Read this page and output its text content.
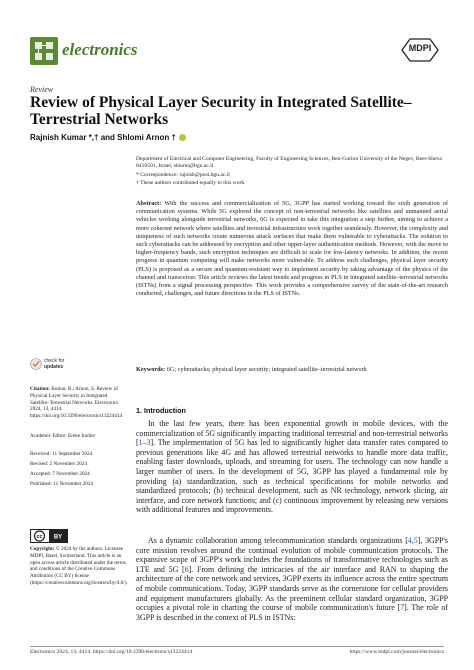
electronics	MDPI
Review
Review of Physical Layer Security in Integrated Satellite–Terrestrial Networks
Rajnish Kumar *,† and Shlomi Arnon †
Department of Electrical and Computer Engineering, Faculty of Engineering Sciences, Ben-Gurion University of the Negev, Beer-Sheva 8410501, Israel; shlomi@bgu.ac.il
* Correspondence: rajnish@post.bgu.ac.il
† These authors contributed equally to this work.
Abstract: With the success and commercialization of 5G, 3GPP has started working toward the sixth generation of communication systems. While 5G explored the concept of non-terrestrial networks like satellites and unmanned aerial vehicles working alongside terrestrial networks, 6G is expected to take this integration a step further, aiming to achieve a more coherent network where satellites and terrestrial infrastructure work together seamlessly. However, the complexity and uniqueness of such networks create numerous attack surfaces that make them vulnerable to cyberattacks. The solution to such cyberattacks can be addressed by encryption and other upper-layer authentication methods. However, with the move to higher-frequency bands, such encryption techniques are difficult to scale for low-latency networks. In addition, the recent progress in quantum computing will make networks more vulnerable. To address such challenges, physical layer security (PLS) is proposed as a secure and quantum-resistant way to implement security by taking advantage of the physics of the channel and transceiver. This article reviews the latest trends and progress in PLS in integrated satellite–terrestrial networks (ISTNs) from a signal processing perspective. This work provides a comprehensive survey of the state-of-the-art research conducted, challenges, and future directions in the PLS of ISTNs.
Keywords: 6G; cyberattacks; physical layer security; integrated satellite–terrestrial network
check for
updates
Citation: Kumar, R.; Arnon, S. Review of Physical Layer Security in Integrated Satellite–Terrestrial Networks. Electronics 2024, 13, 4414. https://doi.org/10.3390/electronics13224414
Academic Editor: Ereke Iradier
Received: 11 September 2024
Revised: 2 November 2024
Accepted: 7 November 2024
Published: 11 November 2024
cc BY
Copyright: © 2024 by the authors. Licensee MDPI, Basel, Switzerland. This article is an open access article distributed under the terms and conditions of the Creative Commons Attribution (CC BY) license (https://creativecommons.org/licenses/by/4.0/).
1. Introduction
In the last few years, there has been exponential growth in mobile devices, with the commercialization of 5G significantly impacting traditional terrestrial and non-terrestrial networks [1–3]. The implementation of 5G has led to significantly higher data transfer rates compared to previous generations like 4G and has allowed terrestrial networks to handle more data traffic, enabling faster downloads, uploads, and streaming for users. The technology can now handle a larger number of users. In the development of 5G, 3GPP has played a fundamental role by providing (a) standardization, such as technical specifications for mobile networks and standardized protocols; (b) technical development, such as NR technology, network slicing, air interface, and core network functions; and (c) continuous improvement by releasing new versions with additional features and improvements.
As a dynamic collaboration among telecommunication standards organizations [4,5], 3GPP's core mission revolves around the continual evolution of mobile communication protocols. The expansive scope of 3GPP's work includes the foundations of transformative technologies such as LTE and 5G [6]. From defining the intricacies of the air interface and RAN to shaping the architecture of the core network and services, 3GPP exerts its influence across the entire spectrum of mobile communications. Today, 3GPP standards serve as the cornerstone for cellular providers and equipment manufacturers globally. As the preeminent cellular standard organization, 3GPP occupies a pivotal role in charting the course of mobile communication's future [7]. The role of 3GPP is described in the context of PLS in ISTNs:
Electronics 2024, 13, 4414. https://doi.org/10.3390/electronics13224414	https://www.mdpi.com/journal/electronics
